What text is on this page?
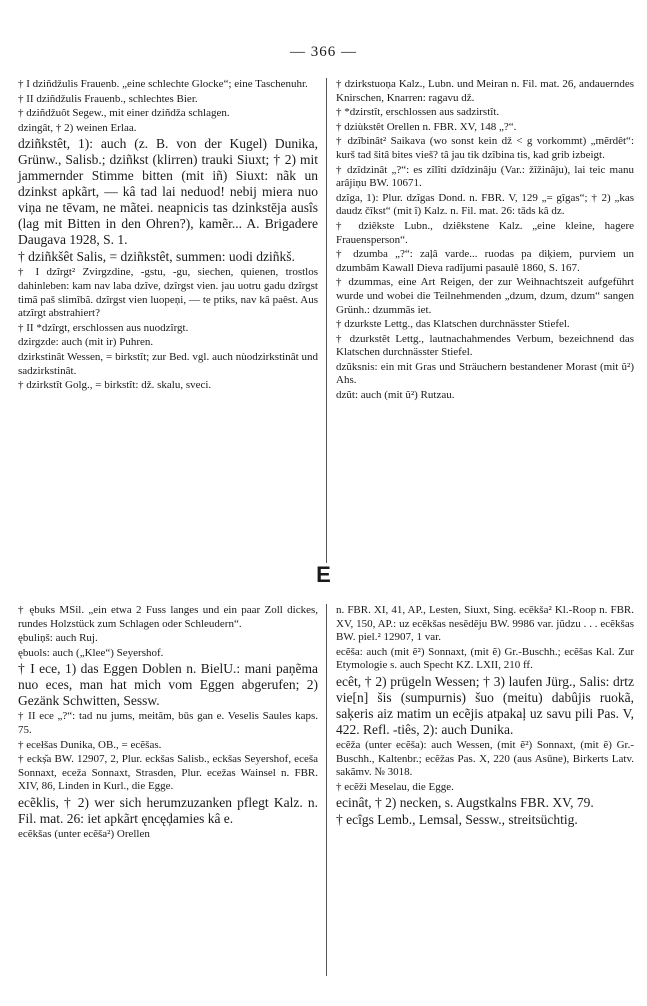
— 366 —
† I dziñdžulis Frauenb. „eine schlechte Glocke“; eine Taschenuhr.
† II dziñdžulis Frauenb., schlechtes Bier.
† dziñdžuôt Segew., mit einer dziñdža schlagen.
dzingât, † 2) weinen Erlaa.
dziñkstêt, 1): auch (z. B. von der Kugel) Dunika, Grünw., Salisb.; dziñkst (klirren) trauki Siuxt; † 2) mit jammernder Stimme bitten (mit iñ) Siuxt: nãk un dzinkst apkãrt, — kâ tad lai neduod! nebij miera nuo viņa ne tēvam, ne mãtei. neapnicis tas dzinkstēja ausîs (lag mit Bitten in den Ohren?), kamẽr... A. Brigadere Daugava 1928, S. 1.
† dziñkšêt Salis, = dziñkstêt, summen: uodi dziñkš.
† I dzîrgt² Zvirgzdine, -gstu, -gu, siechen, quienen, trostlos dahinleben: kam nav laba dzîve, dzîrgst vien. jau uotru gadu dzîrgst timã paš slimîbã. dzîrgst vien luopeņi, — te ptiks, nav kâ paêst. Aus atzîrgt abstrahiert?
† II *dzîrgt, erschlossen aus nuodzîrgt.
dzirgzde: auch (mit ir) Puhren.
dzirkstinât Wessen, = birkstît; zur Bed. vgl. auch nùodzirkstinât und sadzirkstinât.
† dzirkstît Golg., = birkstît: dž. skalu, sveci.
† dzirkstuoņa Kalz., Lubn. und Meiran n. Fil. mat. 26, andauerndes Knirschen, Knarren: ragavu dž.
† *dzirstît, erschlossen aus sadzirstît.
† dziùkstêt Orellen n. FBR. XV, 148 „?“.
† dzîbinât² Saikava (wo sonst kein dž < g vorkommt) „mẽrdêt“: kurš tad šitâ bites vieš? tâ jau tik dzîbina tis, kad grib izbeigt.
† dzîdzinât „?“: es zîlîti dzîdzinâju (Var.: žîžinâju), lai teic manu arâjiņu BW. 10671.
dzîga, 1): Plur. dzîgas Dond. n. FBR. V, 129 „= gîgas“; † 2) „kas daudz čîkst“ (mit î) Kalz. n. Fil. mat. 26: tāds kâ dz.
† dziêkste Lubn., dziêkstene Kalz. „eine kleine, hagere Frauensperson“.
† dzumba „?“: zaļâ varde... ruodas pa dìķiem, purviem un dzumbãm Kawall Dieva radîjumi pasaulê 1860, S. 167.
† dzummas, eine Art Reigen, der zur Weihnachtszeit aufgeführt wurde und wobei die Teilnehmenden „dzum, dzum, dzum“ sangen Grünh.: dzummãs iet.
† dzurkste Lettg., das Klatschen durchnässter Stiefel.
† dzurkstêt Lettg., lautnachahmendes Verbum, bezeichnend das Klatschen durchnässter Stiefel.
dzũksnis: ein mit Gras und Sträuchern bestandener Morast (mit ũ²) Ahs.
dzũt: auch (mit ũ²) Rutzau.
E
† ębuks MSil. „ein etwa 2 Fuss langes und ein paar Zoll dickes, rundes Holzstück zum Schlagen oder Schleudern“.
ębuliņš: auch Ruj.
ębuols: auch („Klee“) Seyershof.
† I ece, 1) das Eggen Doblen n. BielU.: mani paņẽma nuo eces, man hat mich vom Eggen abgerufen; 2) Gezänk Schwitten, Sessw.
† II ece „?“: tad nu jums, meitãm, būs gan e. Veselis Saules kaps. 75.
† ecełšas Dunika, OB., = ecẽšas.
† eckș̌a BW. 12907, 2, Plur. eckšas Salisb., eckšas Seyershof, eceša Sonnaxt, eceža Sonnaxt, Strasden, Plur. ecežas Wainsel n. FBR. XIV, 86, Linden in Kurl., die Egge.
ecẽklis, † 2) wer sich herumzuzanken pflegt Kalz. n. Fil. mat. 26: iet apkãrt ęncęḑamies kâ e.
ecẽkšas (unter ecẽša²) Orellen
n. FBR. XI, 41, AP., Lesten, Siuxt, Sing. ecẽkša² Kl.-Roop n. FBR. XV, 150, AP.: uz ecẽkšas nesẽdẽju BW. 9986 var. jũdzu . . . ecẽkšas BW. piel.² 12907, 1 var.
ecẽša: auch (mit ẽ²) Sonnaxt, (mit ẽ) Gr.-Buschh.; ecẽšas Kal. Zur Etymologie s. auch Specht KZ. LXII, 210 ff.
ecêt, † 2) prügeln Wessen; † 3) laufen Jürg., Salis: drtz vie[n] šis (sumpurnis) šuo (meitu) dabûjis ruokã, saķeris aiz matim un ecẽjis atpakaļ uz savu pili Pas. V, 422. Refl. -tiês, 2): auch Dunika.
ecẽža (unter ecẽša): auch Wessen, (mit ẽ²) Sonnaxt, (mit ẽ) Gr.-Buschh., Kaltenbr.; ecẽžas Pas. X, 220 (aus Asūne), Birkerts Latv. sakãmv. № 3018.
† ecẽži Meselau, die Egge.
ecinât, † 2) necken, s. Augstkalns FBR. XV, 79.
† ecîgs Lemb., Lemsal, Sessw., streitsüchtig.
